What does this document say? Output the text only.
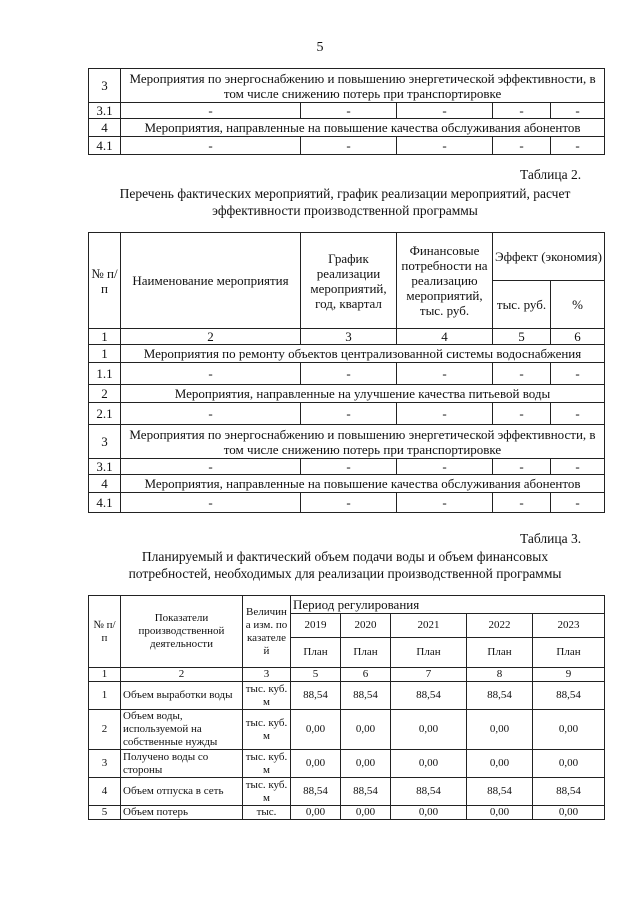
5
3	Мероприятия по энергоснабжению и повышению энергетической эффективности, в том числе снижению потерь при транспортировке				
3.1	-	-	-	-	-
4	Мероприятия, направленные на повышение качества обслуживания абонентов				
4.1	-	-	-	-	-
Таблица 2.
Перечень фактических мероприятий, график реализации мероприятий, расчет эффективности производственной программы
№ п/ п	Наименование мероприятия	График реализации мероприятий, год, квартал	Финансовые потребности на реализацию мероприятий, тыс. руб.	Эффект (экономия)	
				тыс. руб.	%
1	2	3	4	5	6
1	Мероприятия по ремонту объектов централизованной системы водоснабжения				
1.1	-	-	-	-	-
2	Мероприятия, направленные на улучшение качества питьевой воды				
2.1	-	-	-	-	-
3	Мероприятия по энергоснабжению и повышению энергетической эффективности, в том числе снижению потерь при транспортировке				
3.1	-	-	-	-	-
4	Мероприятия, направленные на повышение качества обслуживания абонентов				
4.1	-	-	-	-	-
Таблица 3.
Планируемый и фактический объем подачи воды и объем финансовых потребностей, необходимых для реализации производственной программы
№ п/п	Показатели производственной деятельности	Величина изм. показателей	Период регулирования				
			2019	2020	2021	2022	2023
			План	План	План	План	План
1	2	3	5	6	7	8	9
1	Объем выработки воды	тыс. куб. м	88,54	88,54	88,54	88,54	88,54
2	Объем воды, используемой на собственные нужды	тыс. куб. м	0,00	0,00	0,00	0,00	0,00
3	Получено воды со стороны	тыс. куб. м	0,00	0,00	0,00	0,00	0,00
4	Объем отпуска в сеть	тыс. куб. м	88,54	88,54	88,54	88,54	88,54
5	Объем потерь	тыс.	0,00	0,00	0,00	0,00	0,00
